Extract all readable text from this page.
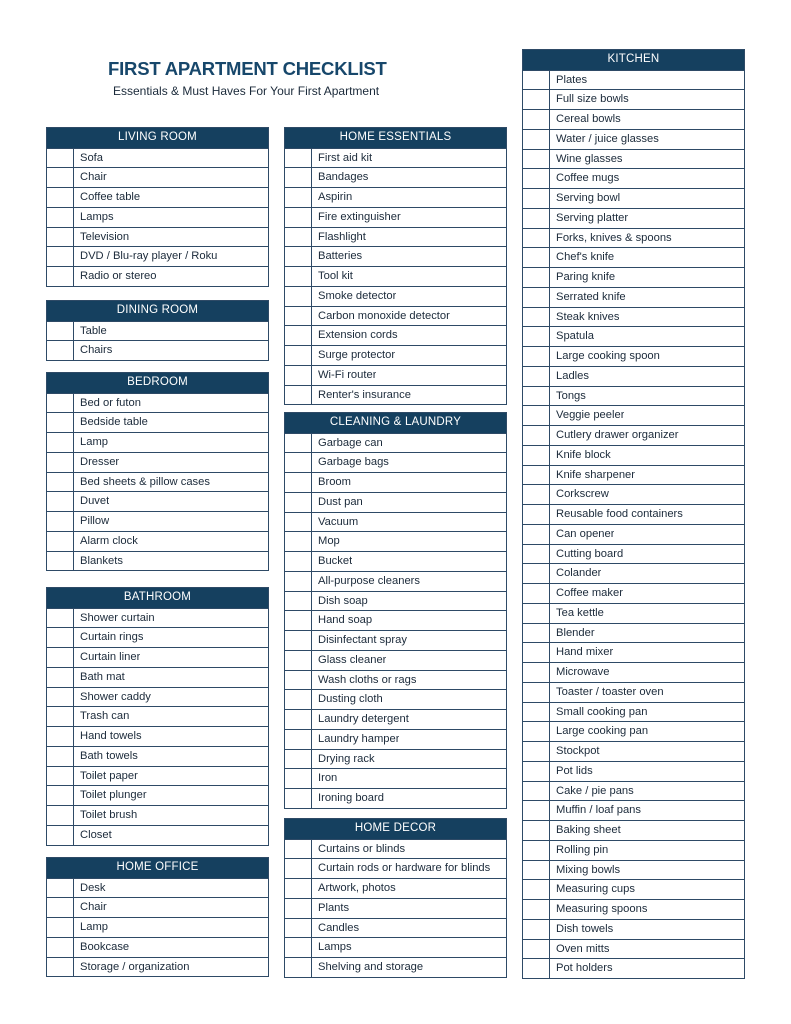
FIRST APARTMENT CHECKLIST
Essentials & Must Haves For Your First Apartment
LIVING ROOM
Sofa
Chair
Coffee table
Lamps
Television
DVD / Blu-ray player / Roku
Radio or stereo
DINING ROOM
Table
Chairs
BEDROOM
Bed or futon
Bedside table
Lamp
Dresser
Bed sheets & pillow cases
Duvet
Pillow
Alarm clock
Blankets
BATHROOM
Shower curtain
Curtain rings
Curtain liner
Bath mat
Shower caddy
Trash can
Hand towels
Bath towels
Toilet paper
Toilet plunger
Toilet brush
Closet
HOME OFFICE
Desk
Chair
Lamp
Bookcase
Storage / organization
HOME ESSENTIALS
First aid kit
Bandages
Aspirin
Fire extinguisher
Flashlight
Batteries
Tool kit
Smoke detector
Carbon monoxide detector
Extension cords
Surge protector
Wi-Fi router
Renter's insurance
CLEANING & LAUNDRY
Garbage can
Garbage bags
Broom
Dust pan
Vacuum
Mop
Bucket
All-purpose cleaners
Dish soap
Hand soap
Disinfectant spray
Glass cleaner
Wash cloths or rags
Dusting cloth
Laundry detergent
Laundry hamper
Drying rack
Iron
Ironing board
HOME DECOR
Curtains or blinds
Curtain rods or hardware for blinds
Artwork, photos
Plants
Candles
Lamps
Shelving and storage
KITCHEN
Plates
Full size bowls
Cereal bowls
Water / juice glasses
Wine glasses
Coffee mugs
Serving bowl
Serving platter
Forks, knives & spoons
Chef's knife
Paring knife
Serrated knife
Steak knives
Spatula
Large cooking spoon
Ladles
Tongs
Veggie peeler
Cutlery drawer organizer
Knife block
Knife sharpener
Corkscrew
Reusable food containers
Can opener
Cutting board
Colander
Coffee maker
Tea kettle
Blender
Hand mixer
Microwave
Toaster / toaster oven
Small cooking pan
Large cooking pan
Stockpot
Pot lids
Cake / pie pans
Muffin / loaf pans
Baking sheet
Rolling pin
Mixing bowls
Measuring cups
Measuring spoons
Dish towels
Oven mitts
Pot holders
